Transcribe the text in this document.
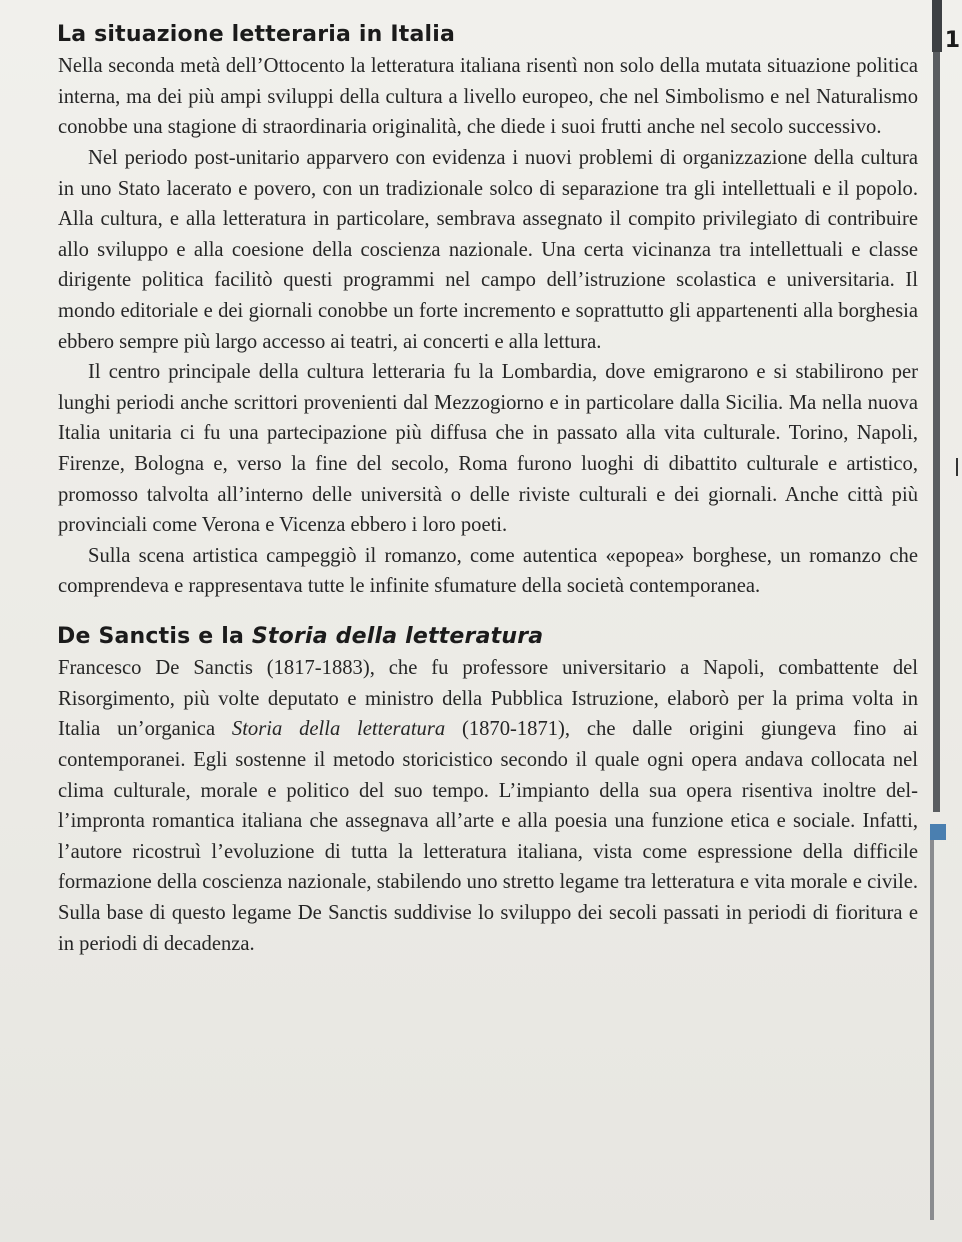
1
La situazione letteraria in Italia

Nella seconda metà dell’Ottocento la letteratura italiana risentì non solo della mutata situazione politica interna, ma dei più ampi sviluppi della cultura a livello europeo, che nel Simbolismo e nel Naturalismo conobbe una stagione di straordinaria originalità, che diede i suoi frutti anche nel secolo successivo.

Nel periodo post-unitario apparvero con evidenza i nuovi problemi di organizzazione della cultura in uno Stato lacerato e povero, con un tradizionale solco di separazione tra gli intellettuali e il popolo. Alla cultura, e alla letteratura in particolare, sembrava assegnato il compito privilegiato di contribuire allo sviluppo e alla coesione della coscienza nazionale. Una certa vicinanza tra intellettuali e classe dirigente politica facilitò questi programmi nel campo dell’istruzione scolastica e universitaria. Il mondo editoriale e dei giornali conobbe un forte incremento e soprattutto gli appartenenti alla borghesia ebbero sempre più largo accesso ai teatri, ai concerti e alla lettura.

Il centro principale della cultura letteraria fu la Lombardia, dove emigrarono e si stabilirono per lunghi periodi anche scrittori provenienti dal Mezzogiorno e in particolare dalla Sicilia. Ma nella nuova Italia unitaria ci fu una partecipazione più diffusa che in passato alla vita culturale. Torino, Napoli, Firenze, Bologna e, verso la fine del secolo, Roma furono luoghi di dibattito culturale e artistico, promosso talvolta all’interno delle università o delle riviste culturali e dei giornali. Anche città più provinciali come Verona e Vicenza ebbero i loro poeti.

Sulla scena artistica campeggiò il romanzo, come autentica «epopea» borghese, un romanzo che comprendeva e rappresentava tutte le infinite sfumature della società contemporanea.

De Sanctis e la Storia della letteratura

Francesco De Sanctis (1817-1883), che fu professore universitario a Napoli, combattente del Risorgimento, più volte deputato e ministro della Pubblica Istruzione, elaborò per la prima volta in Italia un’organica Storia della letteratura (1870-1871), che dalle origini giungeva fino ai contemporanei. Egli sostenne il metodo storicistico secondo il quale ogni opera andava collocata nel clima culturale, morale e politico del suo tempo. L’impianto della sua opera risentiva inoltre dell’impronta romantica italiana che assegnava all’arte e alla poesia una funzione etica e sociale. Infatti, l’autore ricostruì l’evoluzione di tutta la letteratura italiana, vista come espressione della difficile formazione della coscienza nazionale, stabilendo uno stretto legame tra letteratura e vita morale e civile. Sulla base di questo legame De Sanctis suddivise lo sviluppo dei secoli passati in periodi di fioritura e in periodi di decadenza.
